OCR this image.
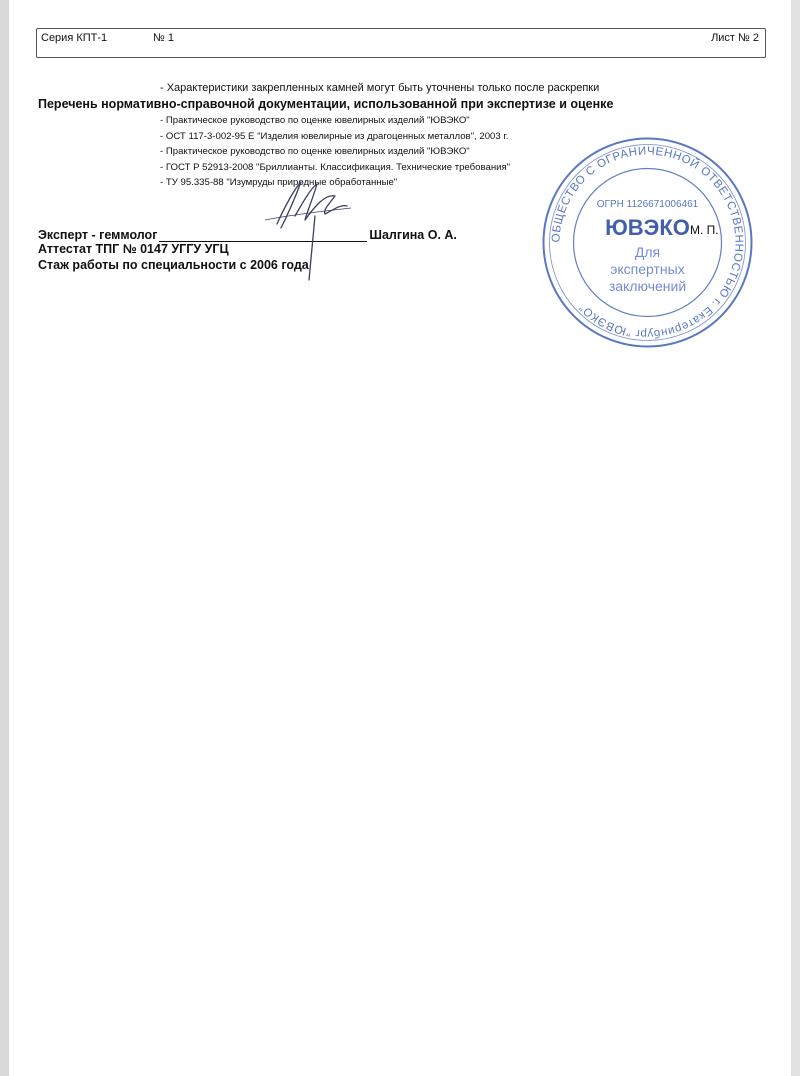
Серия КПТ-1	№ 1	Лист № 2
- Характеристики закрепленных камней могут быть уточнены только после раскрепки
Перечень нормативно-справочной документации, использованной при экспертизе и оценке
- Практическое руководство по оценке ювелирных изделий "ЮВЭКО"
- ОСТ 117-3-002-95 Е "Изделия ювелирные из драгоценных металлов", 2003 г.
- Практическое руководство по оценке ювелирных изделий "ЮВЭКО"
- ГОСТ Р 52913-2008 "Бриллианты. Классификация. Технические требования"
- ТУ 95.335-88 "Изумруды природные обработанные"
Эксперт - геммолог	Шалгина О. А.
Аттестат ТПГ № 0147 УГГУ УГЦ
Стаж работы по специальности с 2006 года
М. П.
ОБЩЕСТВО С ОГРАНИЧЕННОЙ ОТВЕТСТВЕННОСТЬЮ г. Екатеринбург "ЮВЭКО"
ОГРН 1126671006461
ЮВЭКО
Для
экспертных
заключений
